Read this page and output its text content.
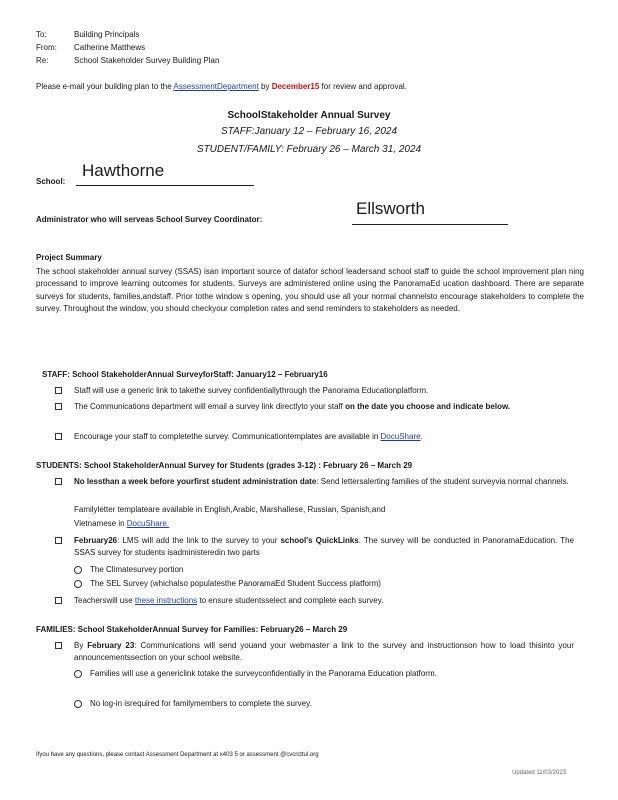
To:	Building Principals
From: Catherine Matthews
Re:	School Stakeholder Survey Building Plan
Please e-mail your building plan to the AssessmentDepartment by December15 for review and approval.
SchoolStakeholder Annual Survey
STAFF:January 12 – February 16, 2024
STUDENT/FAMILY: February 26 – March 31, 2024
School:
Hawthorne
Administrator who will serveas School Survey Coordinator:
Ellsworth
Project Summary
The school stakeholder annual survey (SSAS) isan important source of datafor school leadersand school staff to guide the school improvement plan ning processand to improve learning outcomes for students. Surveys are administered online using the PanoramaEd ucation dashboard. There are separate surveys for students, families,andstaff. Prior tothe window s opening, you should use all your normal channelsto encourage stakeholders to complete the survey. Throughout the window, you should checkyour completion rates and send reminders to stakeholders as needed.
STAFF: School StakeholderAnnual SurveyforStaff: January12 – February16
Staff will use a generic link to takethe survey confidentiallythrough the Panorama Educationplatform.
The Communications department will email a survey link directlyto your staff on the date you choose and indicate below.
Encourage your staff to completethe survey. Communicationtemplates are available in DocuShare.
STUDENTS: School StakeholderAnnual Survey for Students (grades 3-12) : February 26 – March 29
No lessthan a week before yourfirst student administration date: Send lettersalerting families of the student surveyvia normal channels.
Familyletter templateare available in English,Arabic, Marshallese, Russian, Spanish,and
Vietnamese in DocuShare.
February26: LMS will add the link to the survey to your school's QuickLinks. The survey will be conducted in PanoramaEducation. The SSAS survey for students isadministeredin two parts
The Climatesurvey portion
The SEL Survey (whichalso populatesthe PanoramaEd Student Success platform)
Teacherswill use these instructions to ensure studentsselect and complete each survey.
FAMILIES: School StakeholderAnnual Survey for Families: February26 – March 29
By February 23: Communications will send youand your webmaster a link to the survey and instructionson how to load thisinto your announcementssection on your school website.
Families will use a genericlink totake the surveyconfidentially in the Panorama Education platform.
No log-in isrequired for familymembers to complete the survey.
Ifyou have any questions, please contact Assessment Department at x403 5 or assessment @cvcrcttul.org
Updated 11/03/2023
